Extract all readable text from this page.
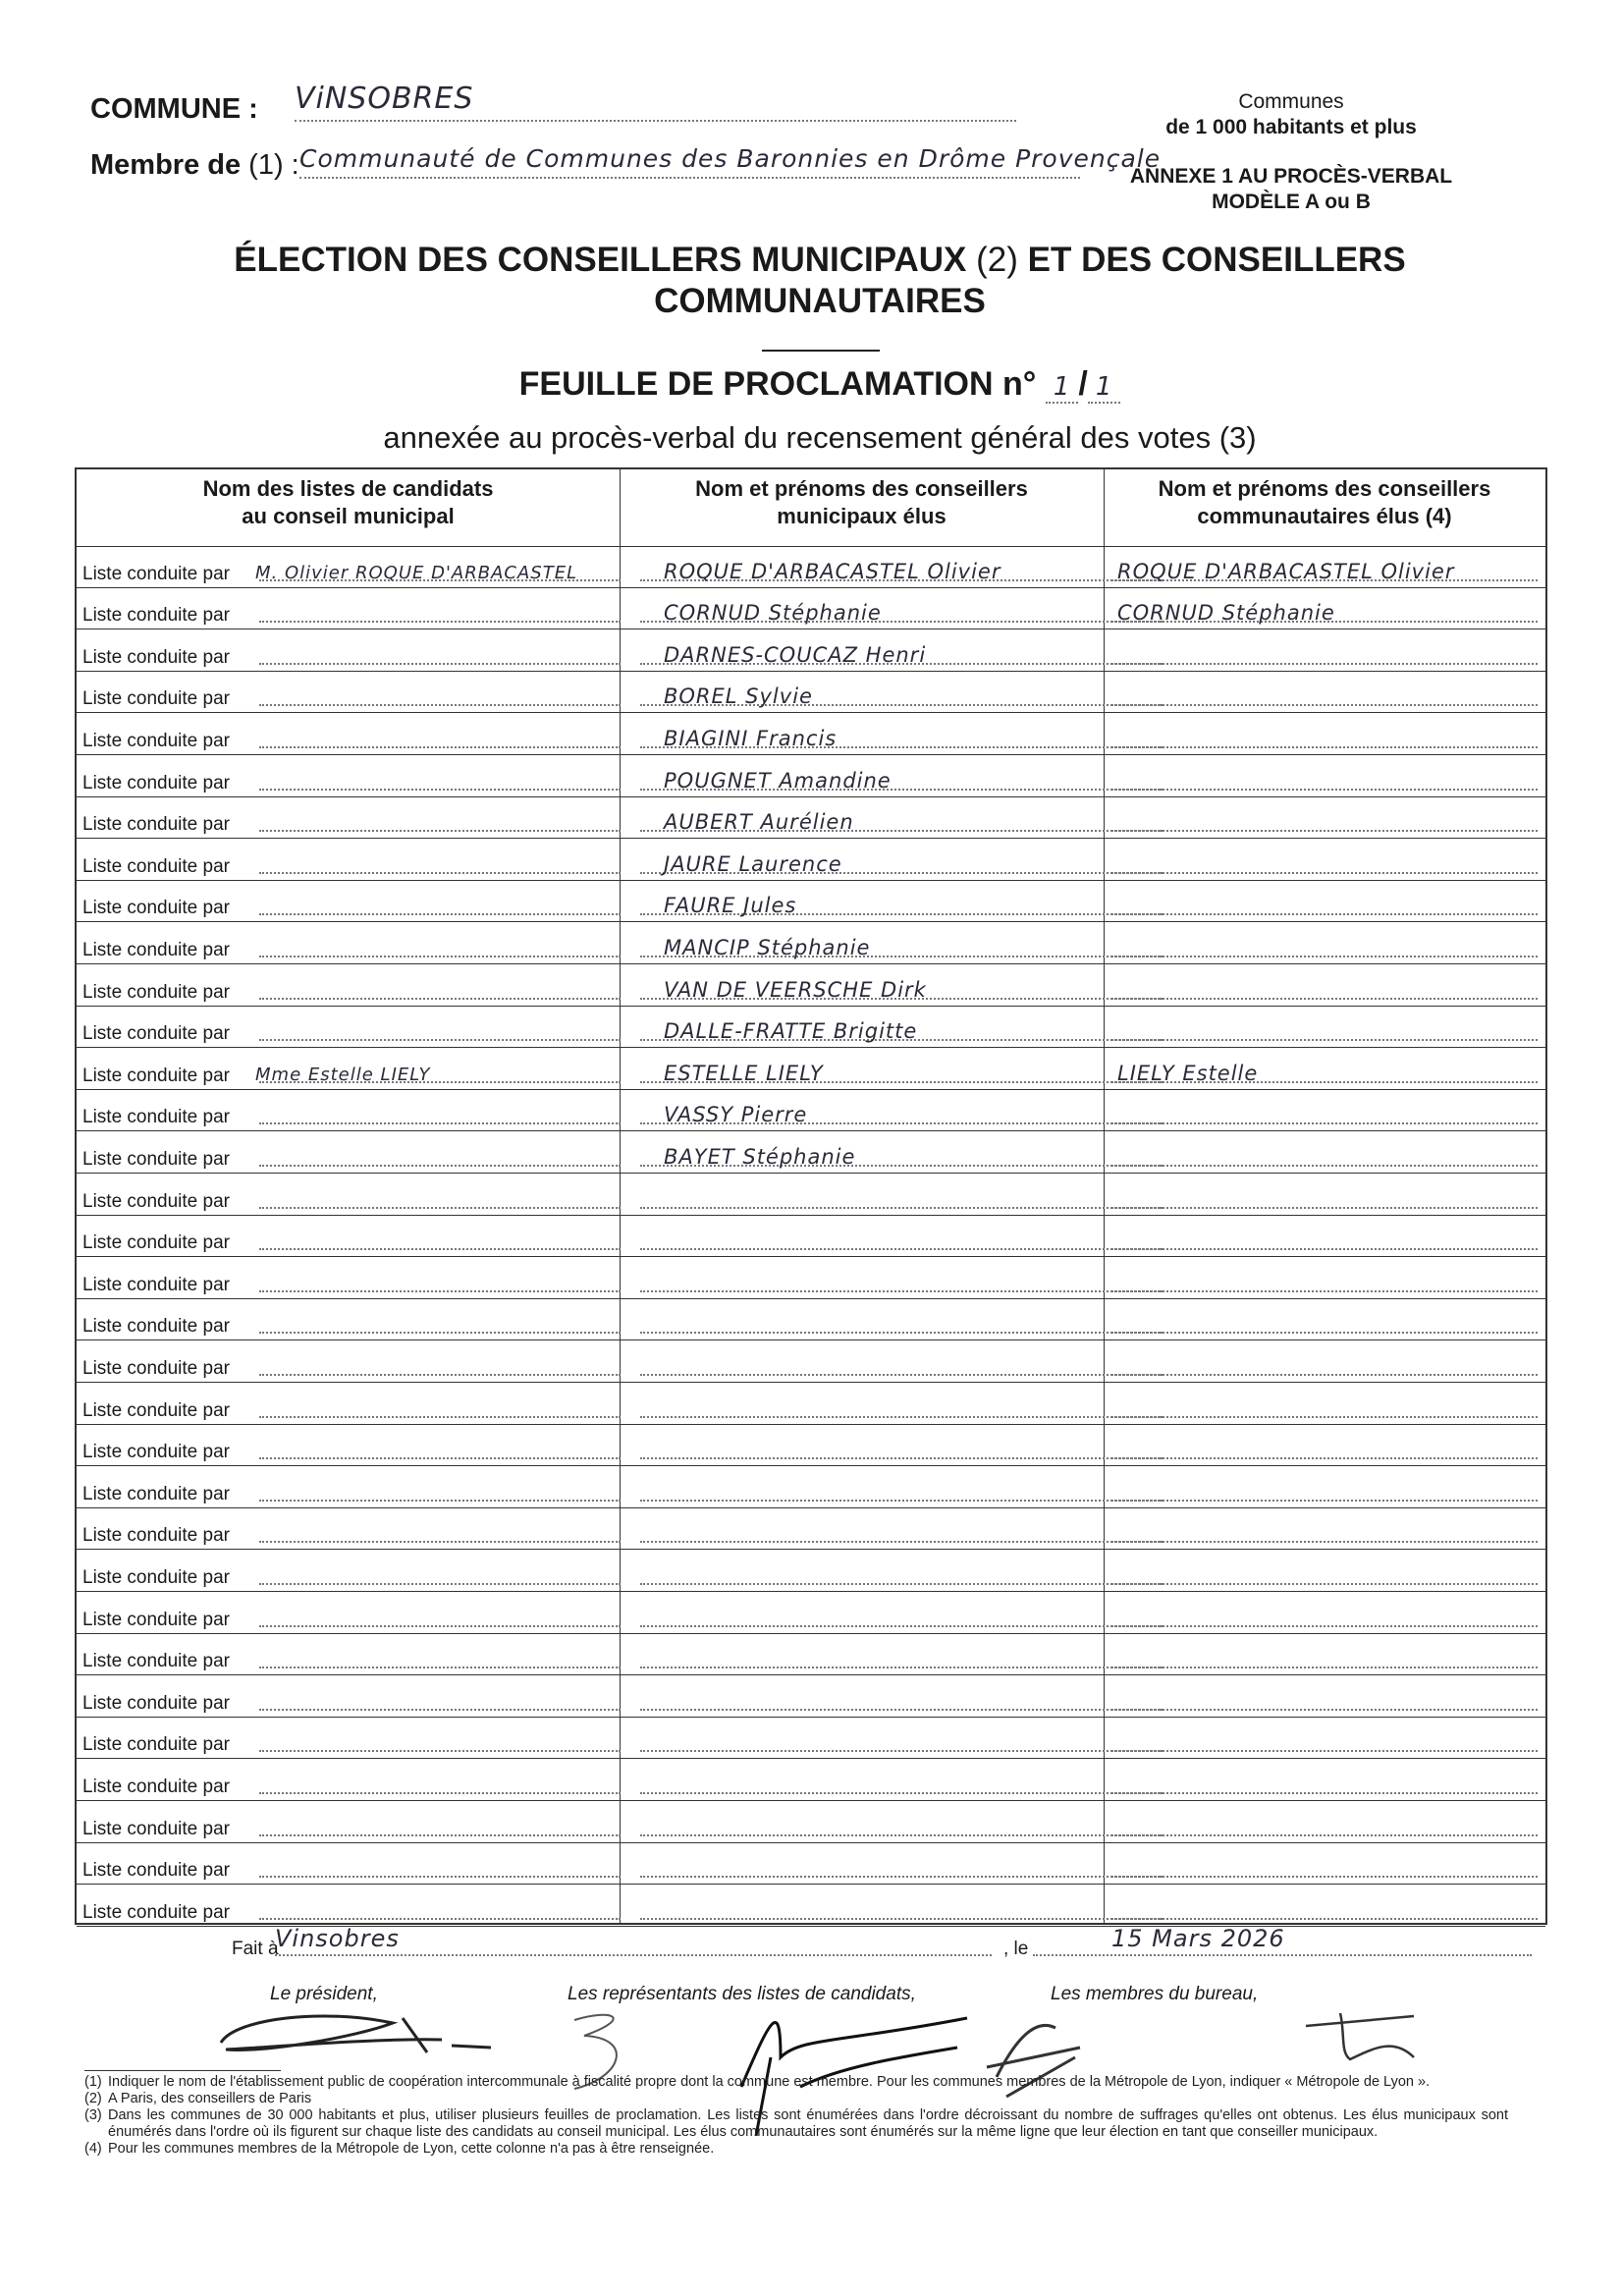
COMMUNE : ViNSOBRES
Membre de (1) : Communauté de Communes des Baronnies en Drôme Provençale
Communes
de 1 000 habitants et plus
ANNEXE 1 AU PROCÈS-VERBAL
MODÈLE A ou B
ÉLECTION DES CONSEILLERS MUNICIPAUX (2) ET DES CONSEILLERS
COMMUNAUTAIRES
FEUILLE DE PROCLAMATION n° 1 / 1
annexée au procès-verbal du recensement général des votes (3)
Nom des listes de candidats
au conseil municipal
Nom et prénoms des conseillers
municipaux élus
Nom et prénoms des conseillers
communautaires élus (4)
Liste conduite par M. Olivier ROQUE D'ARBACASTEL	ROQUE D'ARBACASTEL Olivier	ROQUE D'ARBACASTEL Olivier
Liste conduite par	CORNUD Stéphanie	CORNUD Stéphanie
Liste conduite par	DARNES-COUCAZ Henri
Liste conduite par	BOREL Sylvie
Liste conduite par	BIAGINI Francis
Liste conduite par	POUGNET Amandine
Liste conduite par	AUBERT Aurélien
Liste conduite par	JAURE Laurence
Liste conduite par	FAURE Jules
Liste conduite par	MANCIP Stéphanie
Liste conduite par	VAN DE VEERSCHE Dirk
Liste conduite par	DALLE-FRATTE Brigitte
Liste conduite par Mme Estelle LIELY	ESTELLE LIELY	LIELY Estelle
Liste conduite par	VASSY Pierre
Liste conduite par	BAYET Stéphanie
Liste conduite par
Liste conduite par
Liste conduite par
Liste conduite par
Liste conduite par
Liste conduite par
Liste conduite par
Liste conduite par
Liste conduite par
Liste conduite par
Liste conduite par
Liste conduite par
Liste conduite par
Liste conduite par
Liste conduite par
Liste conduite par
Liste conduite par
Liste conduite par
Fait à
Vinsobres	, le	15 Mars 2026
Le président,	Les représentants des listes de candidats,	Les membres du bureau,
(1) Indiquer le nom de l'établissement public de coopération intercommunale à fiscalité propre dont la commune est membre. Pour les communes membres de la Métropole de Lyon, indiquer « Métropole de Lyon ».
(2) A Paris, des conseillers de Paris
(3) Dans les communes de 30 000 habitants et plus, utiliser plusieurs feuilles de proclamation. Les listes sont énumérées dans l'ordre décroissant du nombre de suffrages qu'elles ont obtenus. Les élus municipaux sont énumérés dans l'ordre où ils figurent sur chaque liste des candidats au conseil municipal. Les élus communautaires sont énumérés sur la même ligne que leur élection en tant que conseiller municipaux.
(4) Pour les communes membres de la Métropole de Lyon, cette colonne n'a pas à être renseignée.
